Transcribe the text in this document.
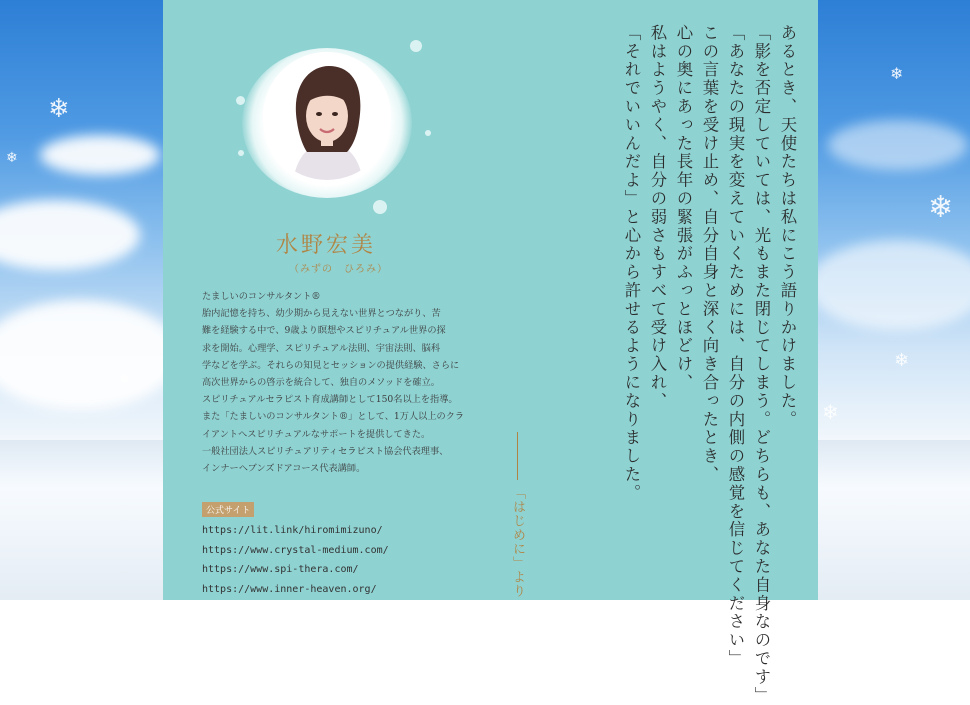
❄
❄
❄
❄
❄
❄
❄
水野宏美
（みずの　ひろみ）
たましいのコンサルタント®
胎内記憶を持ち、幼少期から見えない世界とつながり、苦
難を経験する中で、9歳より瞑想やスピリチュアル世界の探
求を開始。心理学、スピリチュアル法則、宇宙法則、脳科
学などを学ぶ。それらの知見とセッションの提供経験、さらに
高次世界からの啓示を統合して、独自のメソッドを確立。
スピリチュアルセラピスト育成講師として150名以上を指導。
また「たましいのコンサルタント®」として、1万人以上のクラ
イアントへスピリチュアルなサポートを提供してきた。
一般社団法人スピリチュアリティセラピスト協会代表理事、
インナーヘブンズドアコース代表講師。
公式サイト
https://lit.link/hiromimizuno/
https://www.crystal-medium.com/
https://www.spi-thera.com/
https://www.inner-heaven.org/
あるとき、天使たちは私にこう語りかけました。
「影を否定していては、光もまた閉じてしまう。どちらも、あなた自身なのです」
「あなたの現実を変えていくためには、自分の内側の感覚を信じてください」
この言葉を受け止め、自分自身と深く向き合ったとき、
心の奥にあった長年の緊張がふっとほどけ、
私はようやく、自分の弱さもすべて受け入れ、
「それでいいんだよ」と心から許せるようになりました。
「はじめに」より
